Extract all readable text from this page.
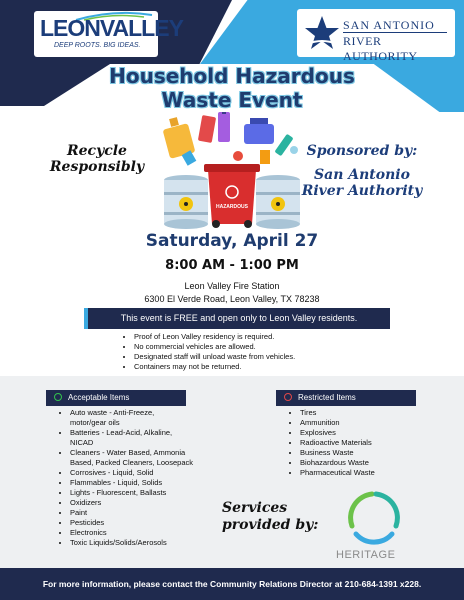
LEONVALLEY
DEEP ROOTS. BIG IDEAS.
SAN ANTONIO
RIVER AUTHORITY
Household Hazardous
Waste Event
Recycle
Responsibly
Sponsored by:
San Antonio
River Authority
HAZARDOUS
Saturday, April 27
8:00 AM - 1:00 PM
Leon Valley Fire Station
6300 El Verde Road, Leon Valley, TX 78238
This event is FREE and open only to Leon Valley residents.
• Proof of Leon Valley residency is required.
• No commercial vehicles are allowed.
• Designated staff will unload waste from vehicles.
• Containers may not be returned.
Acceptable Items	Restricted Items
• Auto waste - Anti-Freeze,
motor/gear oils
• Batteries - Lead-Acid, Alkaline,
NICAD
• Cleaners - Water Based, Ammonia
Based, Packed Cleaners, Loosepack
• Corrosives - Liquid, Solid
• Flammables - Liquid, Solids
• Lights - Fluorescent, Ballasts
• Oxidizers
• Paint
• Pesticides
• Electronics
• Toxic Liquids/Solids/Aerosols
• Tires
• Ammunition
• Explosives
• Radioactive Materials
• Business Waste
• Biohazardous Waste
• Pharmaceutical Waste
Services
provided by:
HERITAGE
For more information, please contact the Community Relations Director at 210-684-1391 x228.
